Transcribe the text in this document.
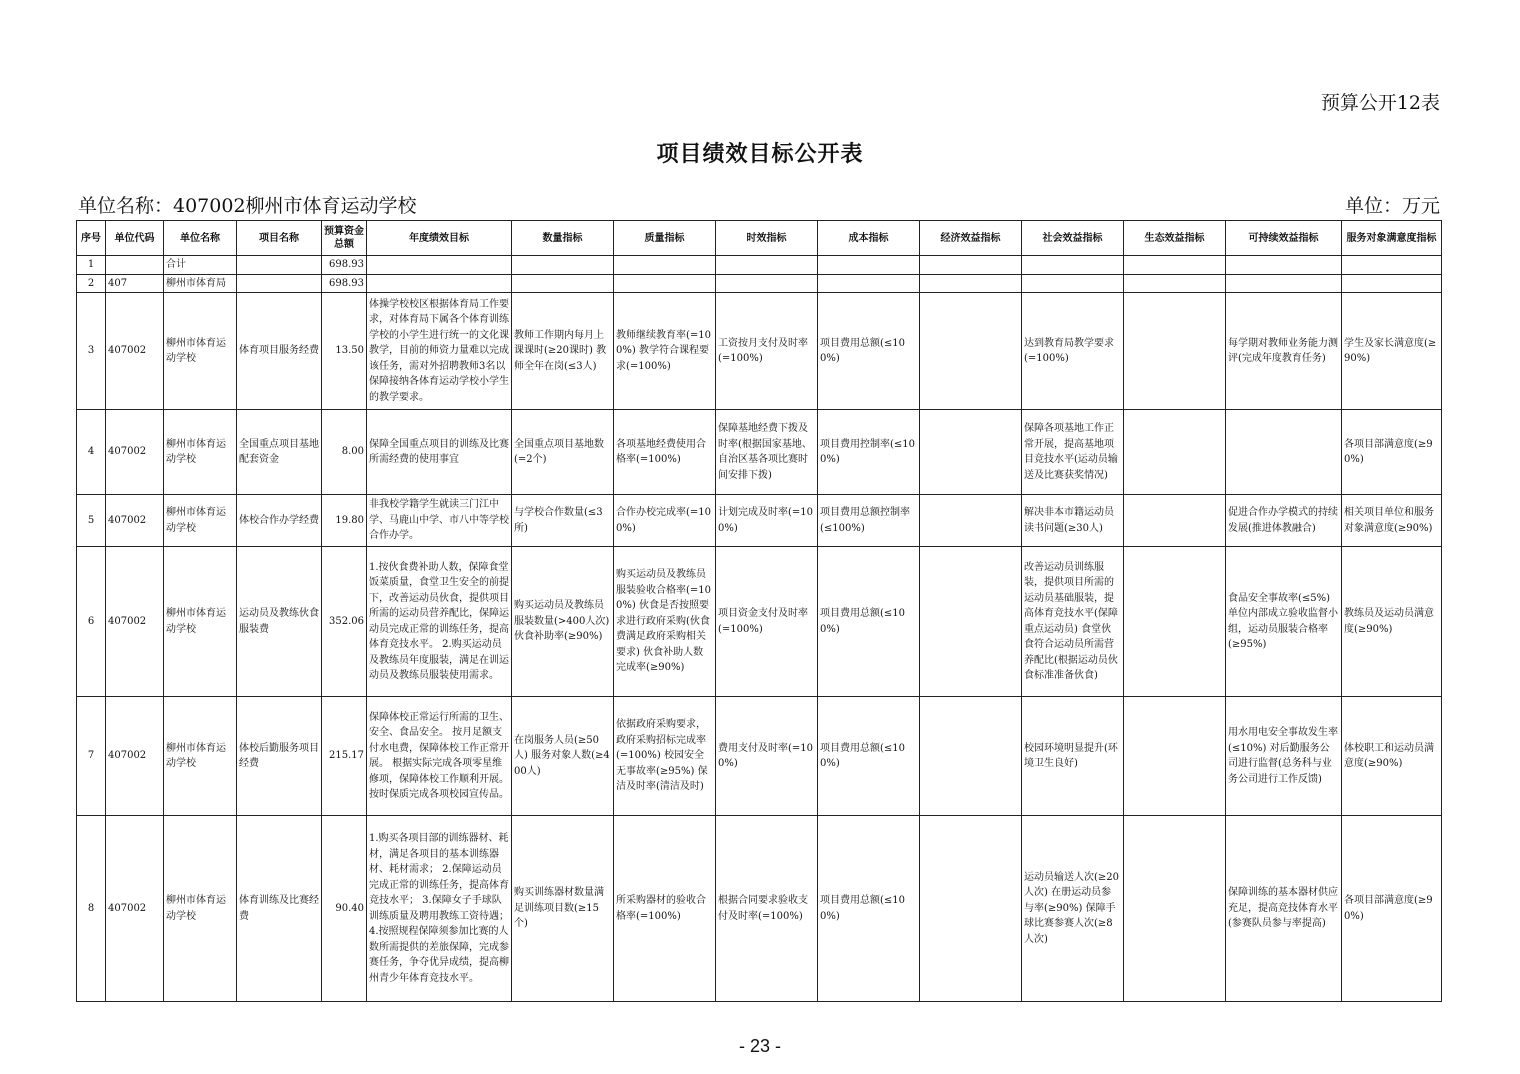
预算公开12表
项目绩效目标公开表
单位名称：407002柳州市体育运动学校	单位：万元
序号	单位代码	单位名称	项目名称	预算资金总额	年度绩效目标	数量指标	质量指标	时效指标	成本指标	经济效益指标	社会效益指标	生态效益指标	可持续效益指标	服务对象满意度指标
1		合计		698.93										
2	407	柳州市体育局		698.93										
3	407002	柳州市体育运动学校	体育项目服务经费	13.50	体操学校校区根据体育局工作要求，对体育局下属各个体育训练学校的小学生进行统一的文化课教学，目前的师资力量难以完成该任务，需对外招聘教师3名以保障接纳各体育运动学校小学生的教学要求。	教师工作期内每月上课课时(≥20课时) 教师全年在岗(≤3人)	教师继续教育率(=100%) 教学符合课程要求(=100%)	工资按月支付及时率(=100%)	项目费用总额(≤100%)		达到教育局教学要求(=100%)		每学期对教师业务能力测评(完成年度教育任务)	学生及家长满意度(≥90%)
4	407002	柳州市体育运动学校	全国重点项目基地配套资金	8.00	保障全国重点项目的训练及比赛所需经费的使用事宜	全国重点项目基地数(=2个)	各项基地经费使用合格率(=100%)	保障基地经费下拨及时率(根据国家基地、自治区基各项比赛时间安排下拨)	项目费用控制率(≤100%)		保障各项基地工作正常开展，提高基地项目竞技水平(运动员输送及比赛获奖情况)			各项目部满意度(≥90%)
5	407002	柳州市体育运动学校	体校合作办学经费	19.80	非我校学籍学生就读三门江中学、马鹿山中学、市八中等学校合作办学。	与学校合作数量(≤3所)	合作办校完成率(=100%)	计划完成及时率(=100%)	项目费用总额控制率(≤100%)		解决非本市籍运动员读书问题(≥30人)		促进合作办学模式的持续发展(推进体教融合)	相关项目单位和服务对象满意度(≥90%)
6	407002	柳州市体育运动学校	运动员及教练伙食服装费	352.06	1.按伙食费补助人数，保障食堂饭菜质量，食堂卫生安全的前提下，改善运动员伙食，提供项目所需的运动员营养配比，保障运动员完成正常的训练任务，提高体育竞技水平。 2.购买运动员及教练员年度服装，满足在训运动员及教练员服装使用需求。	购买运动员及教练员服装数量(>400人次) 伙食补助率(≥90%)	购买运动员及教练员服装验收合格率(=100%) 伙食是否按照要求进行政府采购(伙食费满足政府采购相关要求) 伙食补助人数完成率(≥90%)	项目资金支付及时率(=100%)	项目费用总额(≤100%)		改善运动员训练服装，提供项目所需的运动员基础服装，提高体育竞技水平(保障重点运动员) 食堂伙食符合运动员所需营养配比(根据运动员伙食标准准备伙食)		食品安全事故率(≤5%) 单位内部成立验收监督小组，运动员服装合格率(≥95%)	教练员及运动员满意度(≥90%)
7	407002	柳州市体育运动学校	体校后勤服务项目经费	215.17	保障体校正常运行所需的卫生、安全、食品安全。 按月足额支付水电费，保障体校工作正常开展。 根据实际完成各项零星维修项，保障体校工作顺利开展。 按时保质完成各项校园宣传品。	在岗服务人员(≥50人) 服务对象人数(≥400人)	依据政府采购要求，政府采购招标完成率(=100%) 校园安全无事故率(≥95%) 保洁及时率(清洁及时)	费用支付及时率(=100%)	项目费用总额(≤100%)		校园环境明显提升(环境卫生良好)		用水用电安全事故发生率(≤10%) 对后勤服务公司进行监督(总务科与业务公司进行工作反馈)	体校职工和运动员满意度(≥90%)
8	407002	柳州市体育运动学校	体育训练及比赛经费	90.40	1.购买各项目部的训练器材、耗材，满足各项目的基本训练器材、耗材需求； 2.保障运动员完成正常的训练任务，提高体育竞技水平； 3.保障女子手球队训练质量及聘用教练工资待遇； 4.按照规程保障须参加比赛的人数所需提供的差旅保障，完成参赛任务，争夺优异成绩，提高柳州青少年体育竞技水平。	购买训练器材数量满足训练项目数(≥15个)	所采购器材的验收合格率(=100%)	根据合同要求验收支付及时率(=100%)	项目费用总额(≤100%)		运动员输送人次(≥20人次) 在册运动员参与率(≥90%) 保障手球比赛参赛人次(≥8人次)		保障训练的基本器材供应充足，提高竞技体育水平(参赛队员参与率提高)	各项目部满意度(≥90%)
- 23 -
